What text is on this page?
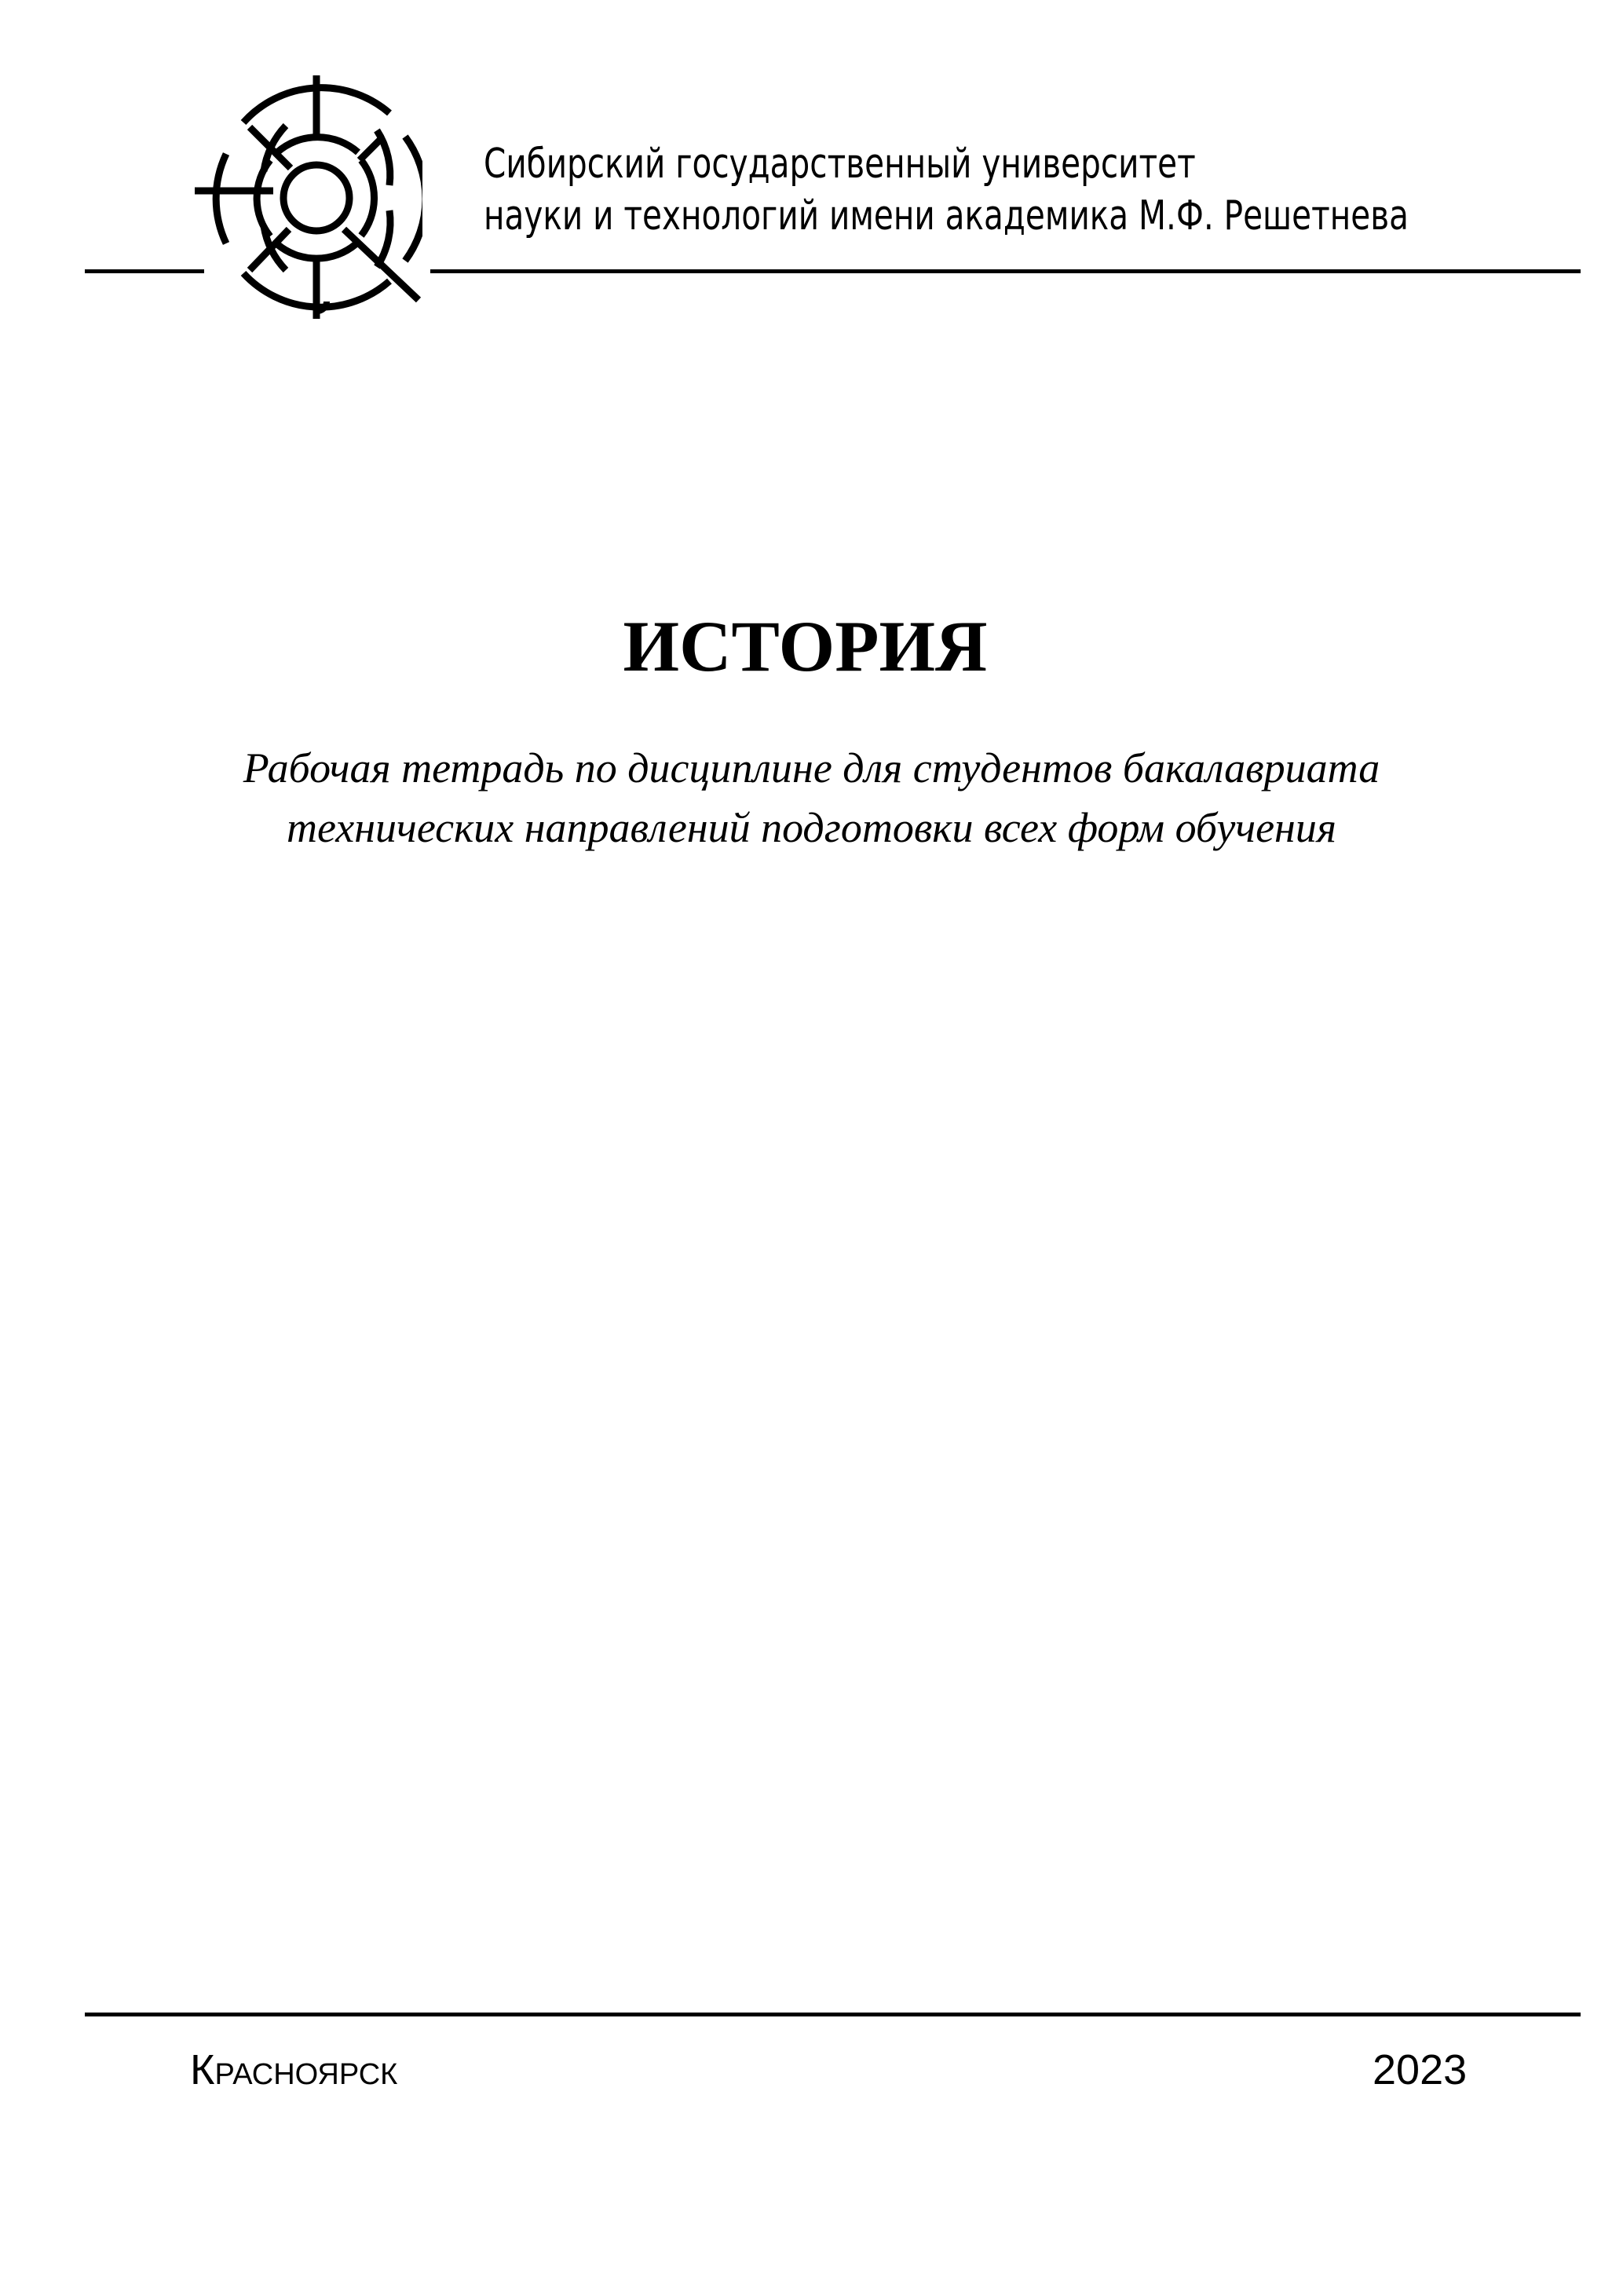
Сибирский государственный университет
науки и технологий имени академика М.Ф. Решетнева
ИСТОРИЯ
Рабочая тетрадь по дисциплине для студентов бакалавриата
технических направлений подготовки всех форм обучения
Красноярск	2023
